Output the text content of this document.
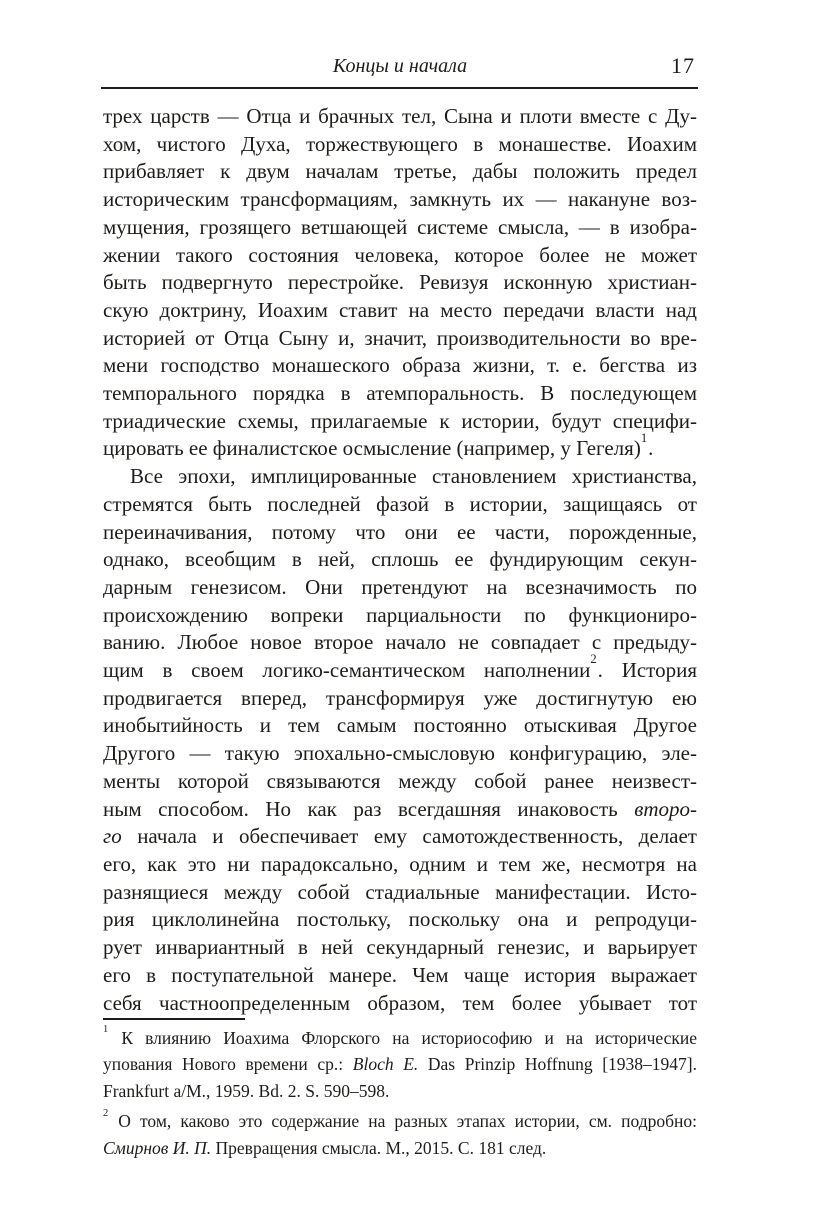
Концы и начала	17
трех царств — Отца и брачных тел, Сына и плоти вместе с Ду-
хом, чистого Духа, торжествующего в монашестве. Иоахим
прибавляет к двум началам третье, дабы положить предел
историческим трансформациям, замкнуть их — накануне воз-
мущения, грозящего ветшающей системе смысла, — в изобра-
жении такого состояния человека, которое более не может
быть подвергнуто перестройке. Ревизуя исконную христиан-
скую доктрину, Иоахим ставит на место передачи власти над
историей от Отца Сыну и, значит, производительности во вре-
мени господство монашеского образа жизни, т. е. бегства из
темпорального порядка в атемпоральность. В последующем
триадические схемы, прилагаемые к истории, будут специфи-
цировать ее финалистское осмысление (например, у Гегеля)$^1$.
Все эпохи, имплицированные становлением христианства,
стремятся быть последней фазой в истории, защищаясь от
переиначивания, потому что они ее части, порожденные,
однако, всеобщим в ней, сплошь ее фундирующим секун-
дарным генезисом. Они претендуют на всезначимость по
происхождению вопреки парциальности по функциониро-
ванию. Любое новое второе начало не совпадает с предыду-
щим в своем логико-семантическом наполнении$^2$. История
продвигается вперед, трансформируя уже достигнутую ею
инобытийность и тем самым постоянно отыскивая Другое
Другого — такую эпохально-смысловую конфигурацию, эле-
менты которой связываются между собой ранее неизвест-
ным способом. Но как раз всегдашняя инаковость второ-
го начала и обеспечивает ему самотождественность, делает
его, как это ни парадоксально, одним и тем же, несмотря на
разнящиеся между собой стадиальные манифестации. Исто-
рия циклолинейна постольку, поскольку она и репродуци-
рует инвариантный в ней секундарный генезис, и варьирует
его в поступательной манере. Чем чаще история выражает
себя частноопределенным образом, тем более убывает тот
$^1$ К влиянию Иоахима Флорского на историософию и на исторические
упования Нового времени ср.: Bloch E. Das Prinzip Hoffnung [1938–1947].
Frankfurt a/M., 1959. Bd. 2. S. 590–598.
$^2$ О том, каково это содержание на разных этапах истории, см. подробно:
Смирнов И. П. Превращения смысла. М., 2015. С. 181 след.
